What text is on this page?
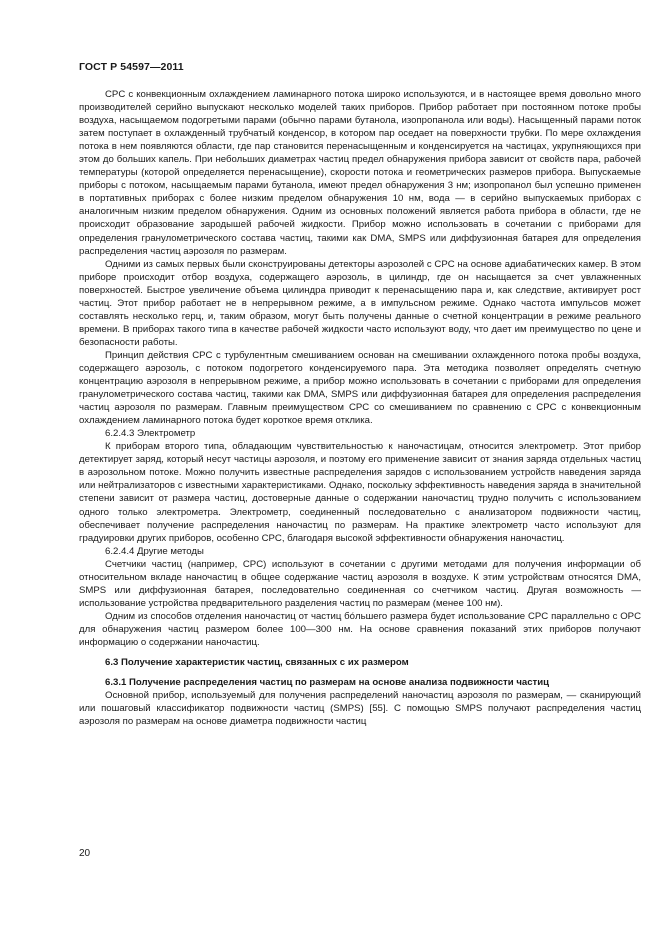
ГОСТ Р 54597—2011

CPC с конвекционным охлаждением ламинарного потока широко используются, и в настоящее время довольно много производителей серийно выпускают несколько моделей таких приборов. Прибор работает при постоянном потоке пробы воздуха, насыщаемом подогретыми парами (обычно парами бутанола, изопропанола или воды). Насыщенный парами поток затем поступает в охлажденный трубчатый конденсор, в котором пар оседает на поверхности трубки. По мере охлаждения потока в нем появляются области, где пар становится перенасыщенным и конденсируется на частицах, укрупняющихся при этом до больших капель. При небольших диаметрах частиц предел обнаружения прибора зависит от свойств пара, рабочей температуры (которой определяется перенасыщение), скорости потока и геометрических размеров прибора. Выпускаемые приборы с потоком, насыщаемым парами бутанола, имеют предел обнаружения 3 нм; изопропанол был успешно применен в портативных приборах с более низким пределом обнаружения 10 нм, вода — в серийно выпускаемых приборах с аналогичным низким пределом обнаружения. Одним из основных положений является работа прибора в области, где не происходит образование зародышей рабочей жидкости. Прибор можно использовать в сочетании с приборами для определения гранулометрического состава частиц, такими как DMA, SMPS или диффузионная батарея для определения распределения частиц аэрозоля по размерам.

Одними из самых первых были сконструированы детекторы аэрозолей с CPC на основе адиабатических камер. В этом приборе происходит отбор воздуха, содержащего аэрозоль, в цилиндр, где он насыщается за счет увлажненных поверхностей. Быстрое увеличение объема цилиндра приводит к перенасыщению пара и, как следствие, активирует рост частиц. Этот прибор работает не в непрерывном режиме, а в импульсном режиме. Однако частота импульсов может составлять несколько герц, и, таким образом, могут быть получены данные о счетной концентрации в режиме реального времени. В приборах такого типа в качестве рабочей жидкости часто используют воду, что дает им преимущество по цене и безопасности работы.

Принцип действия CPC с турбулентным смешиванием основан на смешивании охлажденного потока пробы воздуха, содержащего аэрозоль, с потоком подогретого конденсируемого пара. Эта методика позволяет определять счетную концентрацию аэрозоля в непрерывном режиме, а прибор можно использовать в сочетании с приборами для определения гранулометрического состава частиц, такими как DMA, SMPS или диффузионная батарея для определения распределения частиц аэрозоля по размерам. Главным преимуществом CPC со смешиванием по сравнению с CPC с конвекционным охлаждением ламинарного потока будет короткое время отклика.

6.2.4.3 Электрометр

К приборам второго типа, обладающим чувствительностью к наночастицам, относится электрометр. Этот прибор детектирует заряд, который несут частицы аэрозоля, и поэтому его применение зависит от знания заряда отдельных частиц в аэрозольном потоке. Можно получить известные распределения зарядов с использованием устройств наведения заряда или нейтрализаторов с известными характеристиками. Однако, поскольку эффективность наведения заряда в значительной степени зависит от размера частиц, достоверные данные о содержании наночастиц трудно получить с использованием одного только электрометра. Электрометр, соединенный последовательно с анализатором подвижности частиц, обеспечивает получение распределения наночастиц по размерам. На практике электрометр часто используют для градуировки других приборов, особенно CPC, благодаря высокой эффективности обнаружения наночастиц.

6.2.4.4 Другие методы

Счетчики частиц (например, CPC) используют в сочетании с другими методами для получения информации об относительном вкладе наночастиц в общее содержание частиц аэрозоля в воздухе. К этим устройствам относятся DMA, SMPS или диффузионная батарея, последовательно соединенная со счетчиком частиц. Другая возможность — использование устройства предварительного разделения частиц по размерам (менее 100 нм).

Одним из способов отделения наночастиц от частиц бóльшего размера будет использование CPC параллельно с OPC для обнаружения частиц размером более 100—300 нм. На основе сравнения показаний этих приборов получают информацию о содержании наночастиц.

6.3 Получение характеристик частиц, связанных с их размером

6.3.1 Получение распределения частиц по размерам на основе анализа подвижности частиц

Основной прибор, используемый для получения распределений наночастиц аэрозоля по размерам, — сканирующий или пошаговый классификатор подвижности частиц (SMPS) [55]. С помощью SMPS получают распределения частиц аэрозоля по размерам на основе диаметра подвижности частиц

20
